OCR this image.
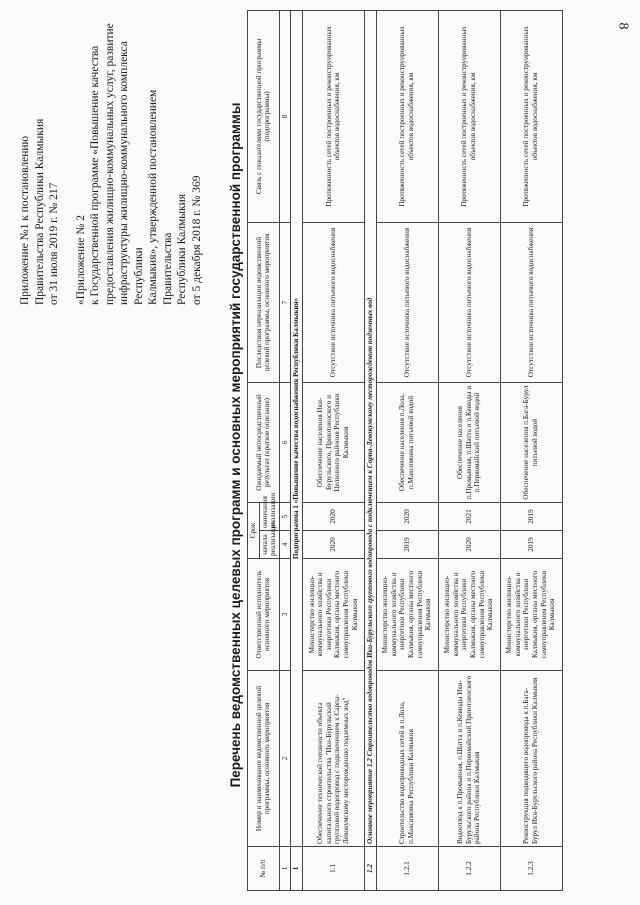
8

Приложение №1 к постановлению Правительства Республики Калмыкия от 31 июля 2019 г. № 217 «Приложение № 2 к Государственной программе «Повышение качества предоставления жилищно-коммунальных услуг, развитие инфраструктуры жилищно-коммунального комплекса Республики Калмыкия», утвержденной постановлением Правительства Республики Калмыкия от 5 декабря 2018 г. № 369 Перечень ведомственных целевых программ и основных мероприятий государственной программы
№ п/п	Номер и наименование ведомственной целевой программы, основного мероприятия	Ответственный исполнитель основного мероприятия	Срок		Ожидаемый непосредственный результат (краткое описание)	Последствия нереализации ведомственной целевой программы, основного мероприятия	Связь с показателями государственной программы (подпрограммы)
			начала реализации	окончания реализации			
1	2	3	4	5	6	7	8
1	Подпрограмма 1 «Повышение качества водоснабжения Республики Калмыкия»						
1.1	Обеспечение технической готовности объекта капитального строительства "Ики-Бурульский групповой водопровод с подключением к Сарпа-Левокумскому месторождению подземных вод"	Министерство жилищно-коммунального хозяйства и энергетики Республики Калмыкия, органы местного самоуправления Республики Калмыкия	2020	2020	Обеспечение населения Ики-Бурульского, Приютненского и Целинного районов Республики Калмыкия	Отсутствие источника питьевого водоснабжения	Протяженность сетей построенных и реконструированных объектов водоснабжения, км
1.2	Основное мероприятие 1.2 Строительство водопроводов Ики-Бурульского группового водопровода с подключением к Сарпа-Левокумскому месторождению подземных вод						
1.2.1	Строительство водопроводных сетей в п.Лола, п.Максимовка Республики Калмыкия	Министерство жилищно-коммунального хозяйства и энергетики Республики Калмыкия, органы местного самоуправления Республики Калмыкия	2019	2020	Обеспечение населения п.Лола, п.Максимовка питьевой водой	Отсутствие источника питьевого водоснабжения	Протяженность сетей построенных и реконструированных объектов водоснабжения, км
1.2.2	Водоотвод к п.Промывная, п.Шатта и п.Кевюды Ики-Бурульского района и п.Первомайский Приютненского района Республики Калмыкия	Министерство жилищно-коммунального хозяйства и энергетики Республики Калмыкия, органы местного самоуправления Республики Калмыкия	2020	2021	Обеспечение населения п.Промывная, п.Шатта и п.Кевюды и п.Первомайский питьевой водой	Отсутствие источника питьевого водоснабжения	Протяженность сетей построенных и реконструированных объектов водоснабжения, км
1.2.3	Реконструкция подводящего водопровода к п.Бага-Бурул Ики-Бурульского района Республики Калмыкия	Министерство жилищно-коммунального хозяйства и энергетики Республики Калмыкия, органы местного самоуправления Республики Калмыкия	2019	2019	Обеспечение населения п.Бага-Бурул питьевой водой	Отсутствие источника питьевого водоснабжения	Протяженность сетей построенных и реконструированных объектов водоснабжения, км
